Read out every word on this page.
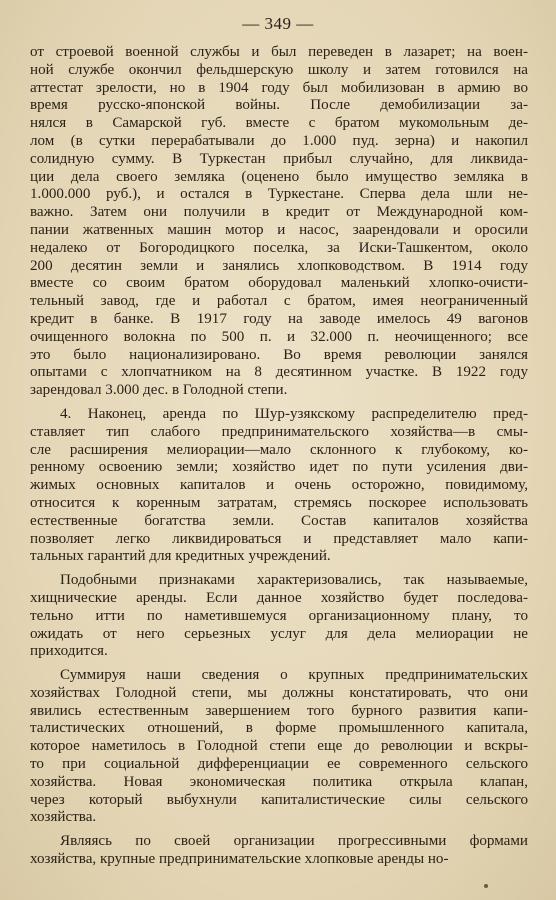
— 349 —
от строевой военной службы и был переведен в лазарет; на воен-
ной службе окончил фельдшерскую школу и затем готовился на
аттестат зрелости, но в 1904 году был мобилизован в армию во
время русско-японской войны. После демобилизации за-
нялся в Самарской губ. вместе с братом мукомольным де-
лом (в сутки перерабатывали до 1.000 пуд. зерна) и накопил
солидную сумму. В Туркестан прибыл случайно, для ликвида-
ции дела своего земляка (оценено было имущество земляка в
1.000.000 руб.), и остался в Туркестане. Сперва дела шли не-
важно. Затем они получили в кредит от Международной ком-
пании жатвенных машин мотор и насос, заарендовали и оросили
недалеко от Богородицкого поселка, за Иски-Ташкентом, около
200 десятин земли и занялись хлопководством. В 1914 году
вместе со своим братом оборудовал маленький хлопко-очисти-
тельный завод, где и работал с братом, имея неограниченный
кредит в банке. В 1917 году на заводе имелось 49 вагонов
очищенного волокна по 500 п. и 32.000 п. неочищенного; все
это было национализировано. Во время революции занялся
опытами с хлопчатником на 8 десятинном участке. В 1922 году
зарендовал 3.000 дес. в Голодной степи.
4. Наконец, аренда по Шур-узякскому распределителю пред-
ставляет тип слабого предпринимательского хозяйства—в смы-
сле расширения мелиорации—мало склонного к глубокому, ко-
ренному освоению земли; хозяйство идет по пути усиления дви-
жимых основных капиталов и очень осторожно, повидимому,
относится к коренным затратам, стремясь поскорее использовать
естественные богатства земли. Состав капиталов хозяйства
позволяет легко ликвидироваться и представляет мало капи-
тальных гарантий для кредитных учреждений.
Подобными признаками характеризовались, так называемые,
хищнические аренды. Если данное хозяйство будет последова-
тельно итти по наметившемуся организационному плану, то
ожидать от него серьезных услуг для дела мелиорации не
приходится.
Суммируя наши сведения о крупных предпринимательских
хозяйствах Голодной степи, мы должны констатировать, что они
явились естественным завершением того бурного развития капи-
талистических отношений, в форме промышленного капитала,
которое наметилось в Голодной степи еще до революции и вскры-
то при социальной дифференциации ее современного сельского
хозяйства. Новая экономическая политика открыла клапан,
через который выбухнули капиталистические силы сельского
хозяйства.
Являясь по своей организации прогрессивными формами
хозяйства, крупные предпринимательские хлопковые аренды но-
